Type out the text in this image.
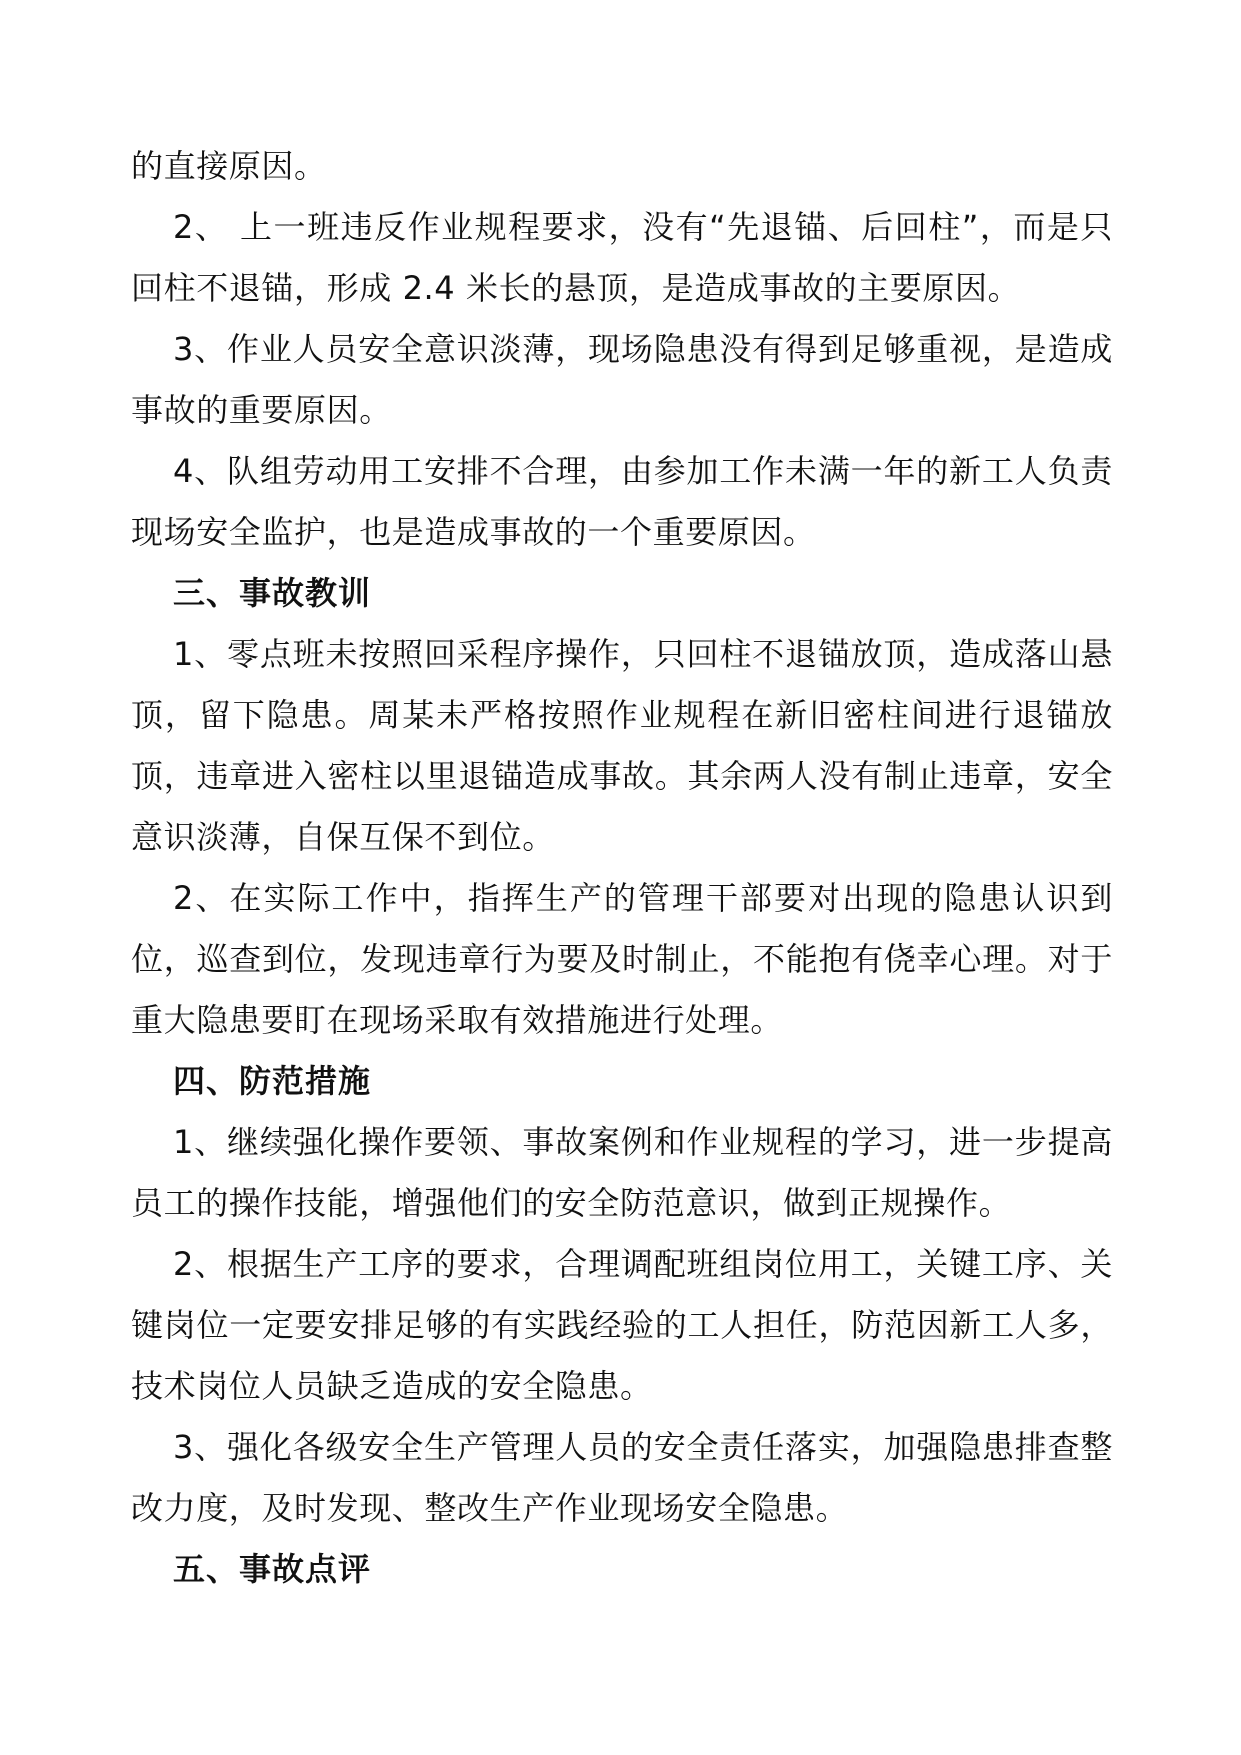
的直接原因。

2、 上一班违反作业规程要求，没有“先退锚、后回柱”，而是只回柱不退锚，形成 2.4 米长的悬顶，是造成事故的主要原因。

3、作业人员安全意识淡薄，现场隐患没有得到足够重视，是造成事故的重要原因。

4、队组劳动用工安排不合理，由参加工作未满一年的新工人负责现场安全监护，也是造成事故的一个重要原因。

三、事故教训

1、零点班未按照回采程序操作，只回柱不退锚放顶，造成落山悬顶，留下隐患。周某未严格按照作业规程在新旧密柱间进行退锚放顶，违章进入密柱以里退锚造成事故。其余两人没有制止违章，安全意识淡薄，自保互保不到位。

2、在实际工作中，指挥生产的管理干部要对出现的隐患认识到位，巡查到位，发现违章行为要及时制止，不能抱有侥幸心理。对于重大隐患要盯在现场采取有效措施进行处理。

四、防范措施

1、继续强化操作要领、事故案例和作业规程的学习，进一步提高员工的操作技能，增强他们的安全防范意识，做到正规操作。

2、根据生产工序的要求，合理调配班组岗位用工，关键工序、关键岗位一定要安排足够的有实践经验的工人担任，防范因新工人多，技术岗位人员缺乏造成的安全隐患。

3、强化各级安全生产管理人员的安全责任落实，加强隐患排查整改力度，及时发现、整改生产作业现场安全隐患。

五、事故点评
